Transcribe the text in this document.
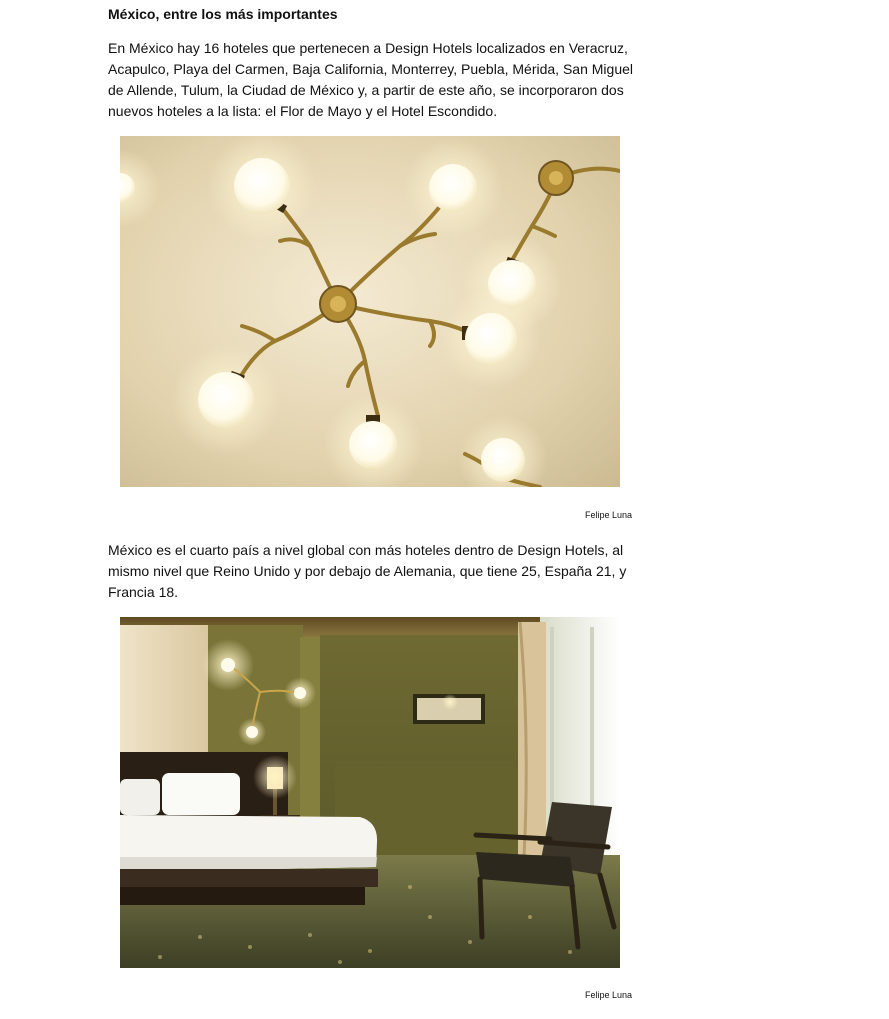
México, entre los más importantes

En México hay 16 hoteles que pertenecen a Design Hotels localizados en Veracruz, Acapulco, Playa del Carmen, Baja California, Monterrey, Puebla, Mérida, San Miguel de Allende, Tulum, la Ciudad de México y, a partir de este año, se incorporaron dos nuevos hoteles a la lista: el Flor de Mayo y el Hotel Escondido.

Felipe Luna

México es el cuarto país a nivel global con más hoteles dentro de Design Hotels, al mismo nivel que Reino Unido y por debajo de Alemania, que tiene 25, España 21, y Francia 18.

Felipe Luna
